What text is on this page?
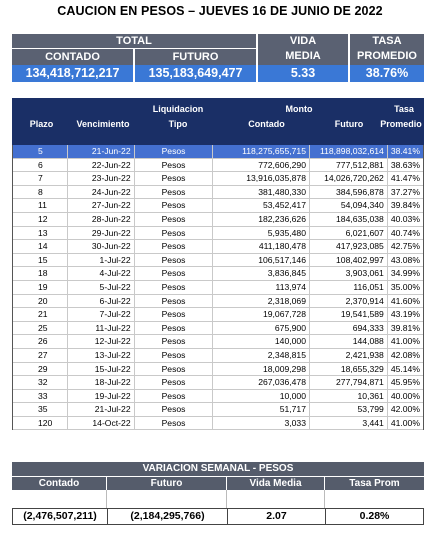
CAUCION EN PESOS – JUEVES 16 DE JUNIO DE 2022
TOTAL
CONTADO	FUTURO
VIDA
MEDIA
TASA
PROMEDIO
134,418,712,217	135,183,649,477	5.33	38.76%
Plazo	Vencimiento
Liquidacion
Tipo
Monto
Contado	Futuro
Tasa
Promedio
5	21-Jun-22	Pesos	118,275,655,715	118,898,032,614 38.41%
6	22-Jun-22	Pesos	772,606,290	777,512,881 38.63%
7	23-Jun-22	Pesos	13,916,035,878	14,026,720,262 41.47%
8	24-Jun-22	Pesos	381,480,330	384,596,878 37.27%
11	27-Jun-22	Pesos	53,452,417	54,094,340 39.84%
12	28-Jun-22	Pesos	182,236,626	184,635,038 40.03%
13	29-Jun-22	Pesos	5,935,480	6,021,607 40.74%
14	30-Jun-22	Pesos	411,180,478	417,923,085 42.75%
15	1-Jul-22	Pesos	106,517,146	108,402,997 43.08%
18	4-Jul-22	Pesos	3,836,845	3,903,061 34.99%
19	5-Jul-22	Pesos	113,974	116,051 35.00%
20	6-Jul-22	Pesos	2,318,069	2,370,914 41.60%
21	7-Jul-22	Pesos	19,067,728	19,541,589 43.19%
25	11-Jul-22	Pesos	675,900	694,333 39.81%
26	12-Jul-22	Pesos	140,000	144,088 41.00%
27	13-Jul-22	Pesos	2,348,815	2,421,938 42.08%
29	15-Jul-22	Pesos	18,009,298	18,655,329 45.14%
32	18-Jul-22	Pesos	267,036,478	277,794,871 45.95%
33	19-Jul-22	Pesos	10,000	10,361 40.00%
35	21-Jul-22	Pesos	51,717	53,799 42.00%
120	14-Oct-22	Pesos	3,033	3,441 41.00%
VARIACION SEMANAL - PESOS
Contado	Futuro	Vida Media	Tasa Prom
(2,476,507,211)	(2,184,295,766)	2.07	0.28%
